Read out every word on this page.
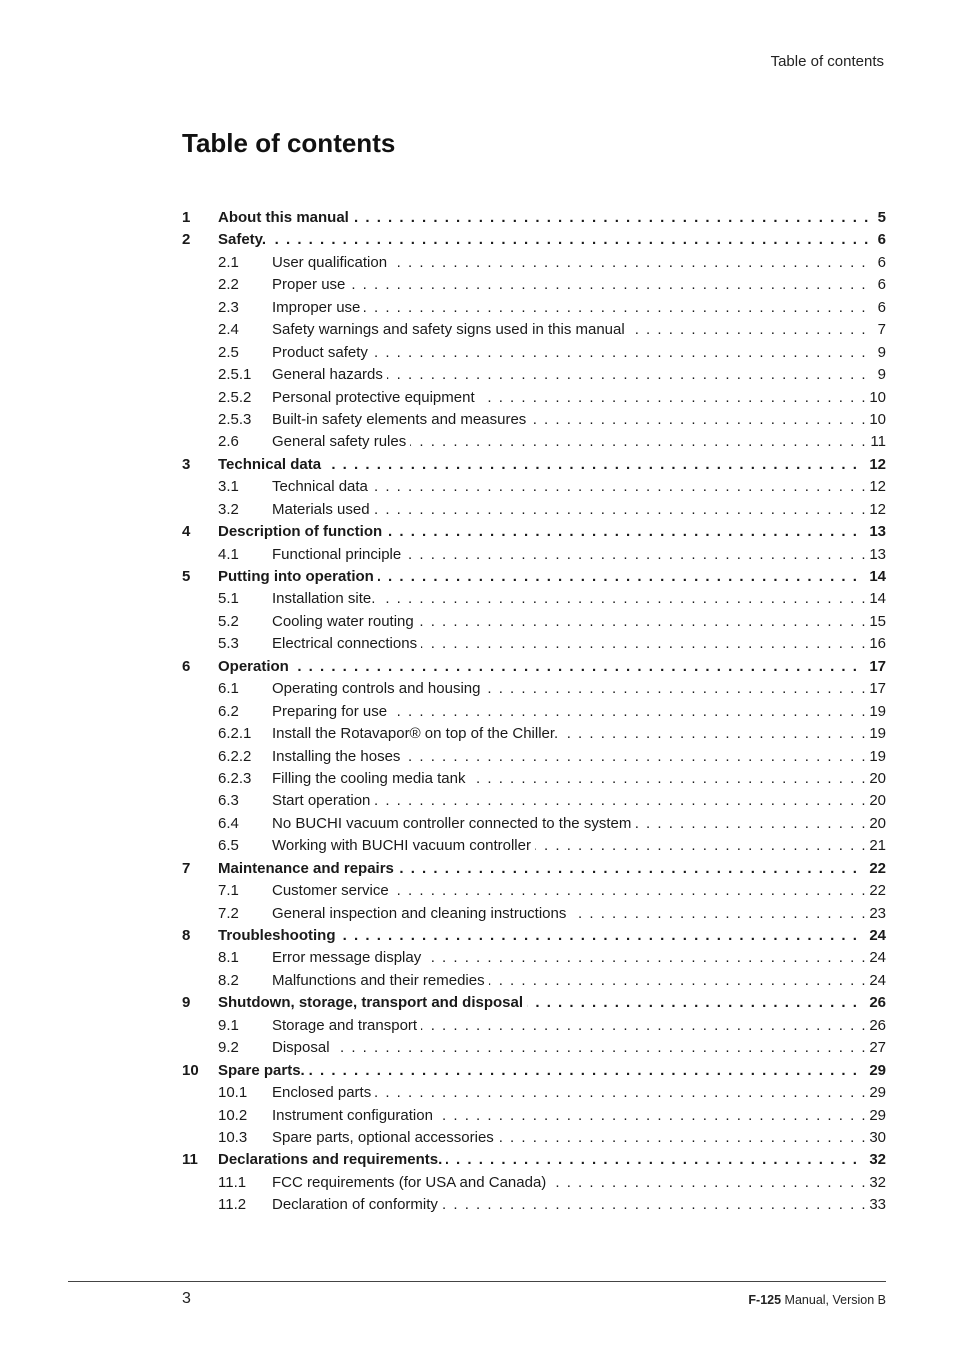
Table of contents
Table of contents
1 About this manual . . .	5
2 Safety. . . .	6
2.1 User qualification . . .	6
2.2 Proper use . . .	6
2.3 Improper use . . .	6
2.4 Safety warnings and safety signs used in this manual . . .	7
2.5 Product safety . . .	9
2.5.1 General hazards . . .	9
2.5.2 Personal protective equipment . . .	10
2.5.3 Built-in safety elements and measures . . .	10
2.6 General safety rules . . .	11
3 Technical data . . .	12
3.1 Technical data . . .	12
3.2 Materials used . . .	12
4 Description of function . . .	13
4.1 Functional principle . . .	13
5 Putting into operation . . .	14
5.1 Installation site. . . .	14
5.2 Cooling water routing . . .	15
5.3 Electrical connections . . .	16
6 Operation . . .	17
6.1 Operating controls and housing . . .	17
6.2 Preparing for use . . .	19
6.2.1 Install the Rotavapor® on top of the Chiller. . . .	19
6.2.2 Installing the hoses . . .	19
6.2.3 Filling the cooling media tank . . .	20
6.3 Start operation . . .	20
6.4 No BUCHI vacuum controller connected to the system . . .	20
6.5 Working with BUCHI vacuum controller . . .	21
7 Maintenance and repairs . . .	22
7.1 Customer service . . .	22
7.2 General inspection and cleaning instructions . . .	23
8 Troubleshooting . . .	24
8.1 Error message display . . .	24
8.2 Malfunctions and their remedies . . .	24
9 Shutdown, storage, transport and disposal . . .	26
9.1 Storage and transport . . .	26
9.2 Disposal . . .	27
10 Spare parts. . . .	29
10.1 Enclosed parts . . .	29
10.2 Instrument configuration . . .	29
10.3 Spare parts, optional accessories . . .	30
11 Declarations and requirements. . . .	32
11.1 FCC requirements (for USA and Canada) . . .	32
11.2 Declaration of conformity . . .	33
3	F-125 Manual, Version B
